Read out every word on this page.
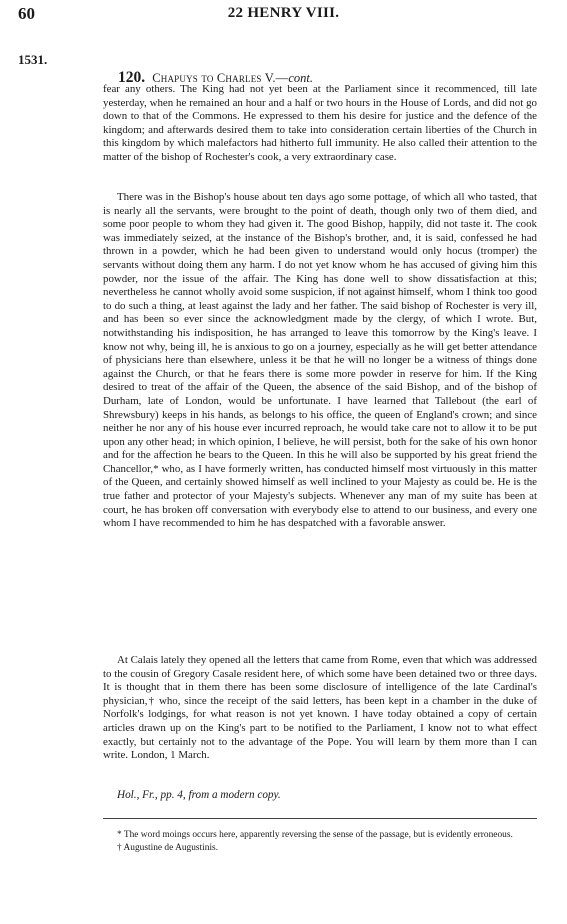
60	22 HENRY VIII.
1531.
120. Chapuys to Charles V.—cont.

fear any others. The King had not yet been at the Parliament since it recommenced, till late yesterday, when he remained an hour and a half or two hours in the House of Lords, and did not go down to that of the Commons. He expressed to them his desire for justice and the defence of the kingdom; and afterwards desired them to take into consideration certain liberties of the Church in this kingdom by which malefactors had hitherto full immunity. He also called their attention to the matter of the bishop of Rochester's cook, a very extraordinary case.

There was in the Bishop's house about ten days ago some pottage, of which all who tasted, that is nearly all the servants, were brought to the point of death, though only two of them died, and some poor people to whom they had given it. The good Bishop, happily, did not taste it. The cook was immediately seized, at the instance of the Bishop's brother, and, it is said, confessed he had thrown in a powder, which he had been given to understand would only hocus (tromper) the servants without doing them any harm. I do not yet know whom he has accused of giving him this powder, nor the issue of the affair. The King has done well to show dissatisfaction at this; nevertheless he cannot wholly avoid some suspicion, if not against himself, whom I think too good to do such a thing, at least against the lady and her father. The said bishop of Rochester is very ill, and has been so ever since the acknowledgment made by the clergy, of which I wrote. But, notwithstanding his indisposition, he has arranged to leave this tomorrow by the King's leave. I know not why, being ill, he is anxious to go on a journey, especially as he will get better attendance of physicians here than elsewhere, unless it be that he will no longer be a witness of things done against the Church, or that he fears there is some more powder in reserve for him. If the King desired to treat of the affair of the Queen, the absence of the said Bishop, and of the bishop of Durham, late of London, would be unfortunate. I have learned that Tallebout (the earl of Shrewsbury) keeps in his hands, as belongs to his office, the queen of England's crown; and since neither he nor any of his house ever incurred reproach, he would take care not to allow it to be put upon any other head; in which opinion, I believe, he will persist, both for the sake of his own honor and for the affection he bears to the Queen. In this he will also be supported by his great friend the Chancellor,* who, as I have formerly written, has conducted himself most virtuously in this matter of the Queen, and certainly showed himself as well inclined to your Majesty as could be. He is the true father and protector of your Majesty's subjects. Whenever any man of my suite has been at court, he has broken off conversation with everybody else to attend to our business, and every one whom I have recommended to him he has despatched with a favorable answer.

At Calais lately they opened all the letters that came from Rome, even that which was addressed to the cousin of Gregory Casale resident here, of which some have been detained two or three days. It is thought that in them there has been some disclosure of intelligence of the late Cardinal's physician,† who, since the receipt of the said letters, has been kept in a chamber in the duke of Norfolk's lodgings, for what reason is not yet known. I have today obtained a copy of certain articles drawn up on the King's part to be notified to the Parliament, I know not to what effect exactly, but certainly not to the advantage of the Pope. You will learn by them more than I can write. London, 1 March.

Hol., Fr., pp. 4, from a modern copy.

* The word moings occurs here, apparently reversing the sense of the passage, but is evidently erroneous.

† Augustine de Augustinis.
